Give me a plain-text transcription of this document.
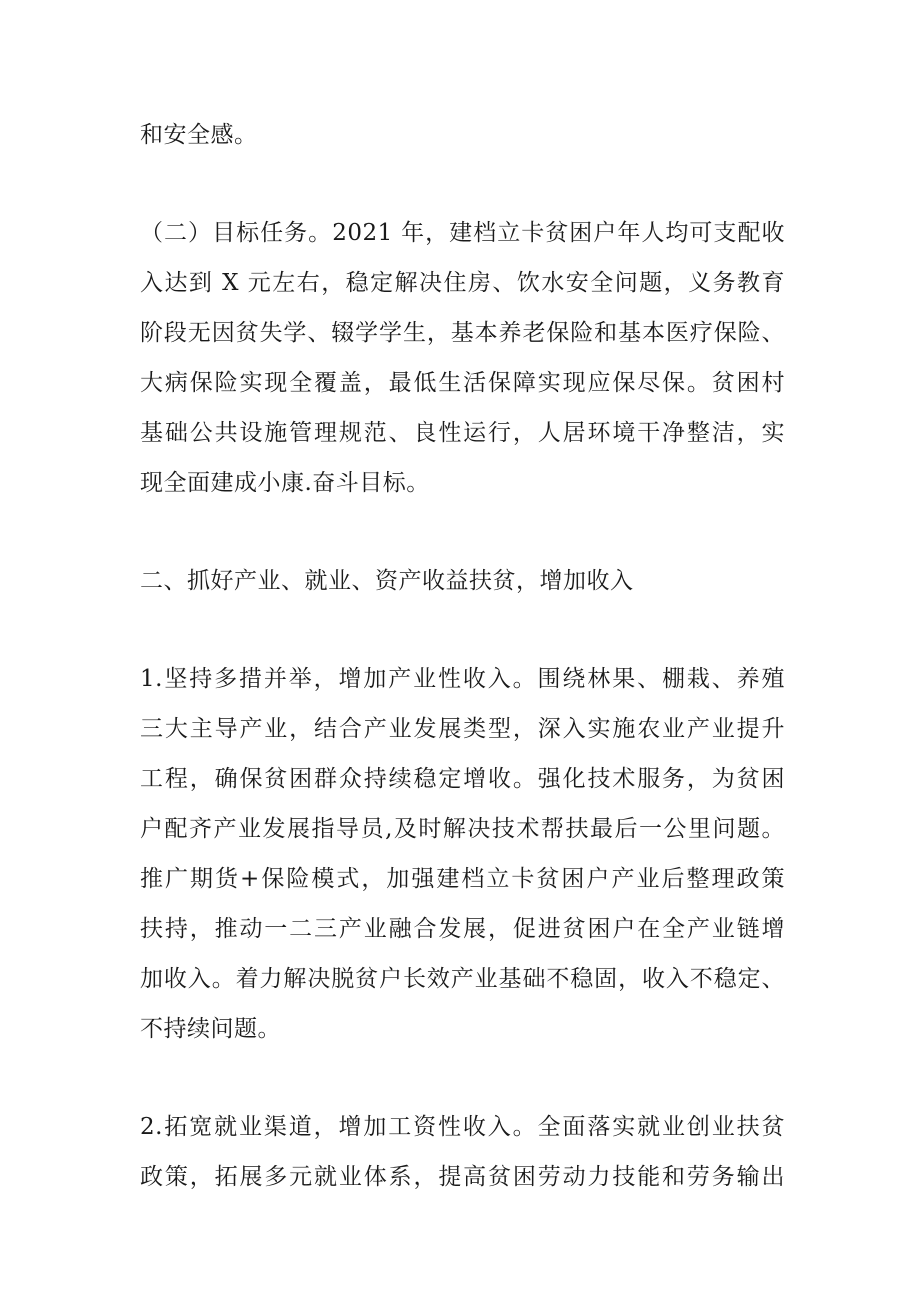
和安全感。
（二）目标任务。2021 年，建档立卡贫困户年人均可支配收
入达到 X 元左右，稳定解决住房、饮水安全问题，义务教育
阶段无因贫失学、辍学学生，基本养老保险和基本医疗保险、
大病保险实现全覆盖，最低生活保障实现应保尽保。贫困村
基础公共设施管理规范、良性运行，人居环境干净整洁，实
现全面建成小康.奋斗目标。
二、抓好产业、就业、资产收益扶贫，增加收入
1.坚持多措并举，增加产业性收入。围绕林果、棚栽、养殖
三大主导产业，结合产业发展类型，深入实施农业产业提升
工程，确保贫困群众持续稳定增收。强化技术服务，为贫困
户配齐产业发展指导员,及时解决技术帮扶最后一公里问题。
推广期货+保险模式，加强建档立卡贫困户产业后整理政策
扶持，推动一二三产业融合发展，促进贫困户在全产业链增
加收入。着力解决脱贫户长效产业基础不稳固，收入不稳定、
不持续问题。
2.拓宽就业渠道，增加工资性收入。全面落实就业创业扶贫
政策，拓展多元就业体系，提高贫困劳动力技能和劳务输出
